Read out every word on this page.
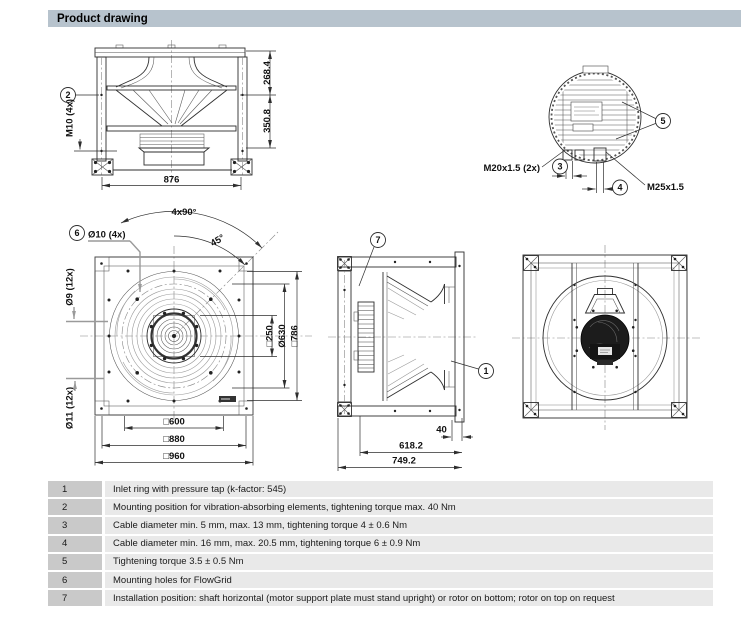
Product drawing
268.4
350.8
876
2
M10 (4x)
3
4
M20x1.5 (2x)
M25x1.5
5
4x90°
45°
6 Ø10 (4x)
Ø9 (12x)
Ø11 (12x)
□250 Ø630 □786
□600
□880
□960
7
1
40
618.2
749.2
1	Inlet ring with pressure tap (k-factor: 545)
2	Mounting position for vibration-absorbing elements, tightening torque max. 40 Nm
3	Cable diameter min. 5 mm, max. 13 mm, tightening torque 4 ± 0.6 Nm
4	Cable diameter min. 16 mm, max. 20.5 mm, tightening torque 6 ± 0.9 Nm
5	Tightening torque 3.5 ± 0.5 Nm
6	Mounting holes for FlowGrid
7	Installation position: shaft horizontal (motor support plate must stand upright) or rotor on bottom; rotor on top on request
